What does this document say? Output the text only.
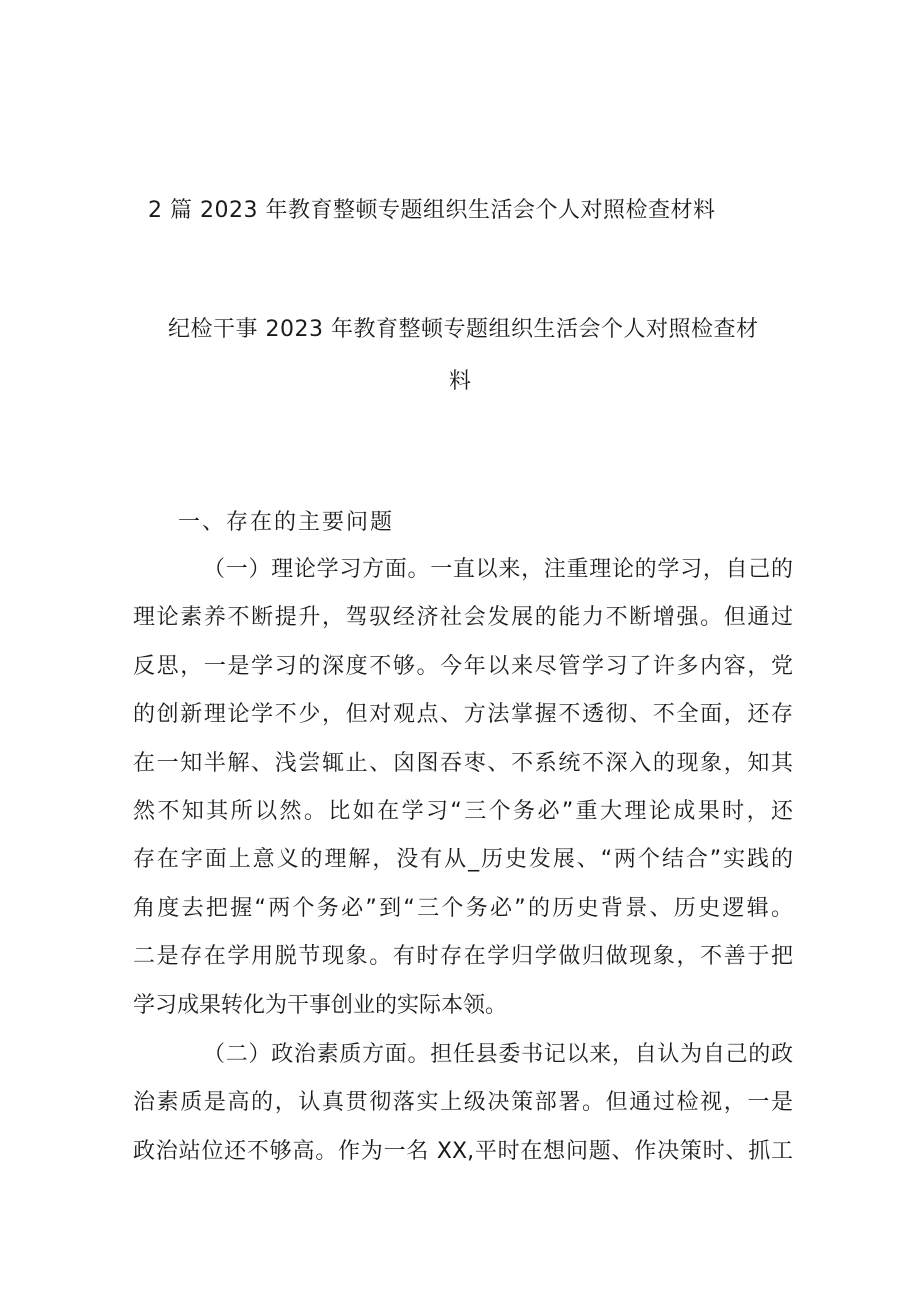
2 篇 2023 年教育整顿专题组织生活会个人对照检查材料
纪检干事 2023 年教育整顿专题组织生活会个人对照检查材
料
一、存在的主要问题
（一）理论学习方面。一直以来，注重理论的学习，自己的
理论素养不断提升，驾驭经济社会发展的能力不断增强。但通过
反思，一是学习的深度不够。今年以来尽管学习了许多内容，党
的创新理论学不少，但对观点、方法掌握不透彻、不全面，还存
在一知半解、浅尝辄止、囟图吞枣、不系统不深入的现象，知其
然不知其所以然。比如在学习“三个务必”重大理论成果时，还
存在字面上意义的理解，没有从_历史发展、“两个结合”实践的
角度去把握“两个务必”到“三个务必”的历史背景、历史逻辑。
二是存在学用脱节现象。有时存在学归学做归做现象，不善于把
学习成果转化为干事创业的实际本领。
（二）政治素质方面。担任县委书记以来，自认为自己的政
治素质是高的，认真贯彻落实上级决策部署。但通过检视，一是
政治站位还不够高。作为一名 XX,平时在想问题、作决策时、抓工
